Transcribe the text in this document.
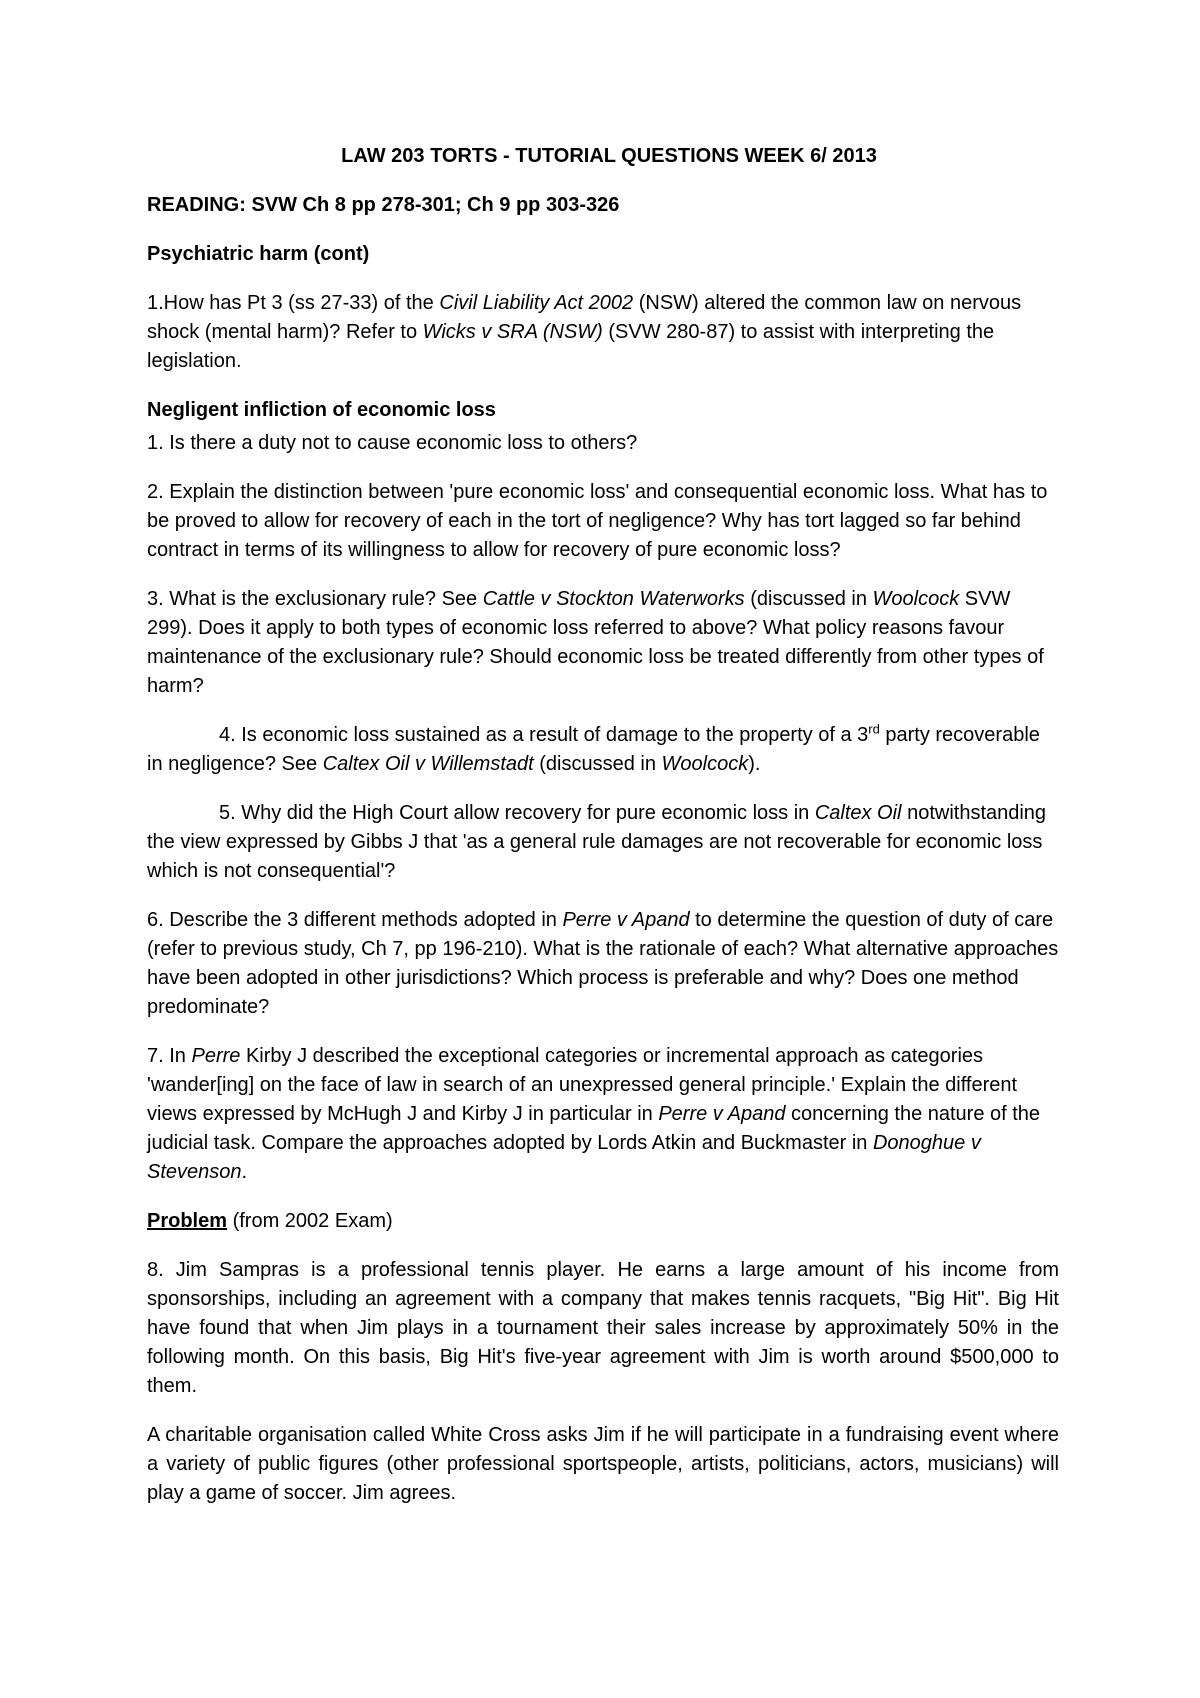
LAW 203 TORTS - TUTORIAL QUESTIONS WEEK 6/ 2013
READING: SVW Ch 8 pp 278-301; Ch 9 pp 303-326
Psychiatric harm (cont)

1.How has Pt 3 (ss 27-33) of the Civil Liability Act 2002 (NSW) altered the common law on nervous shock (mental harm)? Refer to Wicks v SRA (NSW) (SVW 280-87) to assist with interpreting the legislation.

Negligent infliction of economic loss

1. Is there a duty not to cause economic loss to others?

2. Explain the distinction between 'pure economic loss' and consequential economic loss. What has to be proved to allow for recovery of each in the tort of negligence? Why has tort lagged so far behind contract in terms of its willingness to allow for recovery of pure economic loss?

3. What is the exclusionary rule? See Cattle v Stockton Waterworks (discussed in Woolcock SVW 299). Does it apply to both types of economic loss referred to above? What policy reasons favour maintenance of the exclusionary rule? Should economic loss be treated differently from other types of harm?

4. Is economic loss sustained as a result of damage to the property of a 3rd party recoverable in negligence? See Caltex Oil v Willemstadt (discussed in Woolcock).

5. Why did the High Court allow recovery for pure economic loss in Caltex Oil notwithstanding the view expressed by Gibbs J that 'as a general rule damages are not recoverable for economic loss which is not consequential'?

6. Describe the 3 different methods adopted in Perre v Apand to determine the question of duty of care (refer to previous study, Ch 7, pp 196-210). What is the rationale of each? What alternative approaches have been adopted in other jurisdictions? Which process is preferable and why? Does one method predominate?

7. In Perre Kirby J described the exceptional categories or incremental approach as categories 'wander[ing] on the face of law in search of an unexpressed general principle.' Explain the different views expressed by McHugh J and Kirby J in particular in Perre v Apand concerning the nature of the judicial task. Compare the approaches adopted by Lords Atkin and Buckmaster in Donoghue v Stevenson.

Problem (from 2002 Exam)

8. Jim Sampras is a professional tennis player. He earns a large amount of his income from sponsorships, including an agreement with a company that makes tennis racquets, "Big Hit". Big Hit have found that when Jim plays in a tournament their sales increase by approximately 50% in the following month. On this basis, Big Hit's five-year agreement with Jim is worth around $500,000 to them.

A charitable organisation called White Cross asks Jim if he will participate in a fundraising event where a variety of public figures (other professional sportspeople, artists, politicians, actors, musicians) will play a game of soccer. Jim agrees.
